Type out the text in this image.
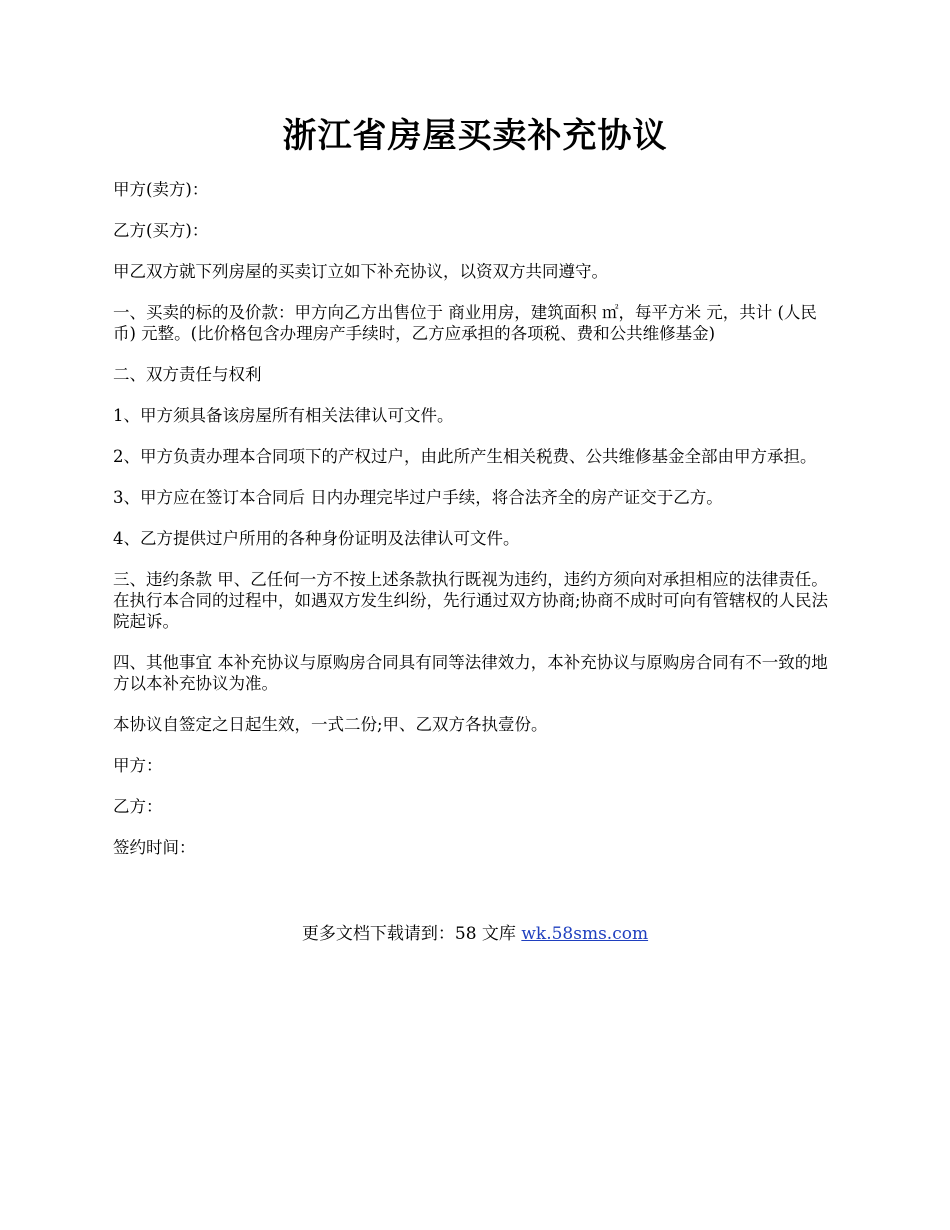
浙江省房屋买卖补充协议

甲方(卖方)：

乙方(买方)：

甲乙双方就下列房屋的买卖订立如下补充协议，以资双方共同遵守。

一、买卖的标的及价款：甲方向乙方出售位于 商业用房，建筑面积 ㎡，每平方米 元，共计 (人民币) 元整。(比价格包含办理房产手续时，乙方应承担的各项税、费和公共维修基金)

二、双方责任与权利

1、甲方须具备该房屋所有相关法律认可文件。

2、甲方负责办理本合同项下的产权过户，由此所产生相关税费、公共维修基金全部由甲方承担。

3、甲方应在签订本合同后 日内办理完毕过户手续，将合法齐全的房产证交于乙方。

4、乙方提供过户所用的各种身份证明及法律认可文件。

三、违约条款 甲、乙任何一方不按上述条款执行既视为违约，违约方须向对承担相应的法律责任。在执行本合同的过程中，如遇双方发生纠纷，先行通过双方协商;协商不成时可向有管辖权的人民法院起诉。

四、其他事宜 本补充协议与原购房合同具有同等法律效力，本补充协议与原购房合同有不一致的地方以本补充协议为准。

本协议自签定之日起生效，一式二份;甲、乙双方各执壹份。

甲方：

乙方：

签约时间：

更多文档下载请到：58 文库 wk.58sms.com
